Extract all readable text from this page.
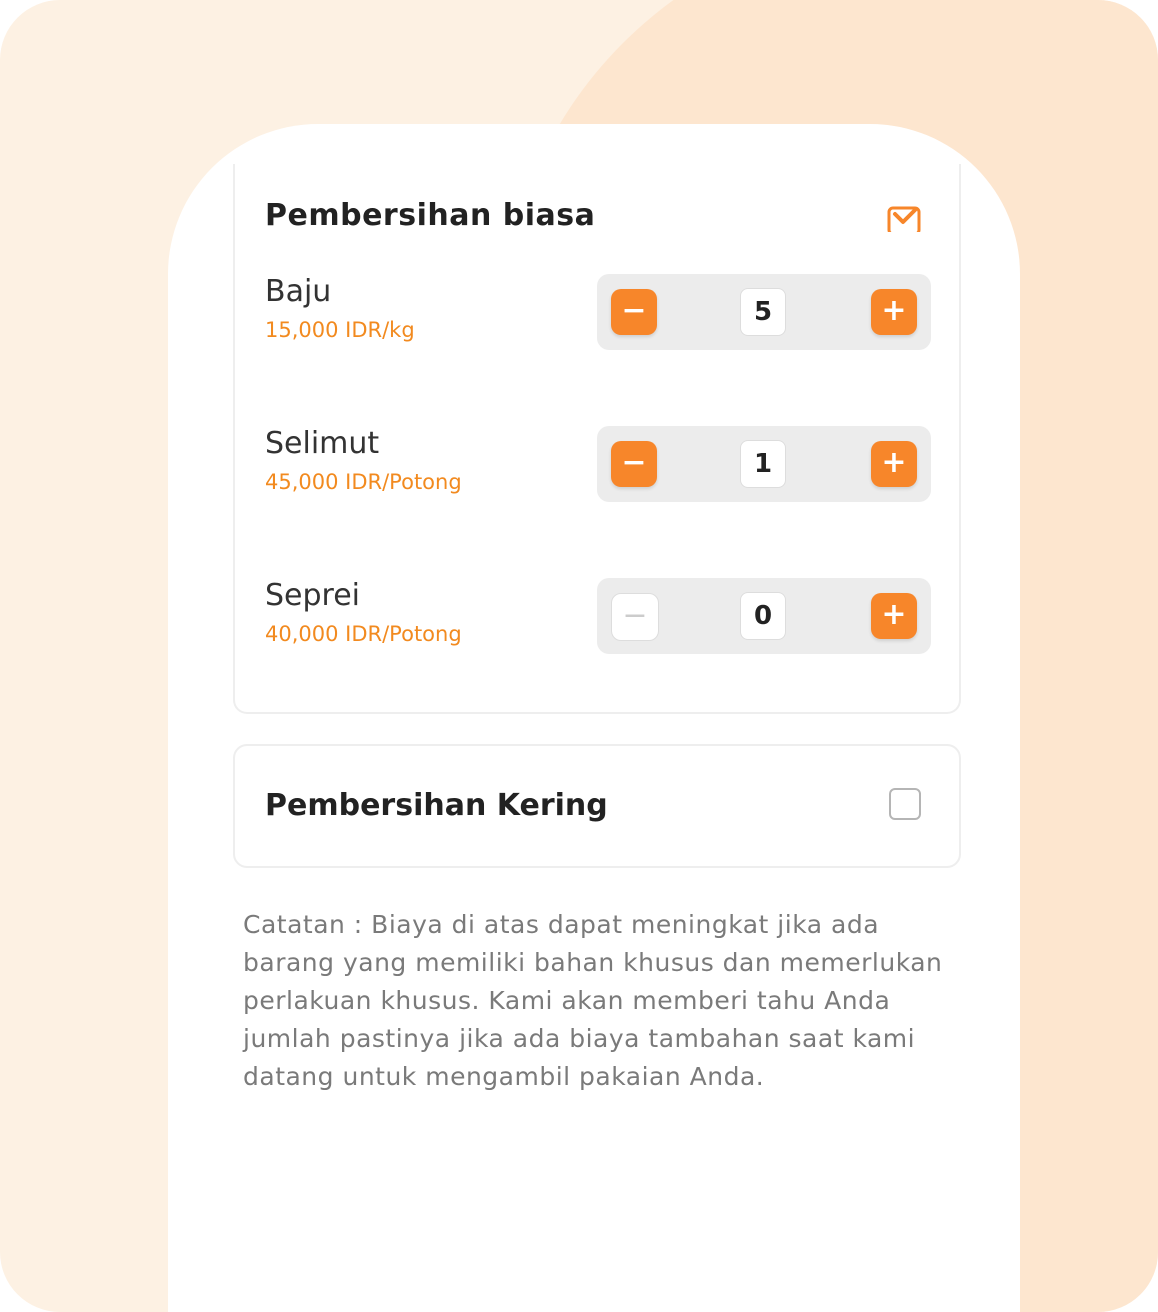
Pembersihan biasa
Baju
15,000 IDR/kg
−	5	+
Selimut
45,000 IDR/Potong
−	1	+
Seprei
40,000 IDR/Potong
−	0	+
Pembersihan Kering
Catatan : Biaya di atas dapat meningkat jika ada barang yang memiliki bahan khusus dan memerlukan perlakuan khusus. Kami akan memberi tahu Anda jumlah pastinya jika ada biaya tambahan saat kami datang untuk mengambil pakaian Anda.
